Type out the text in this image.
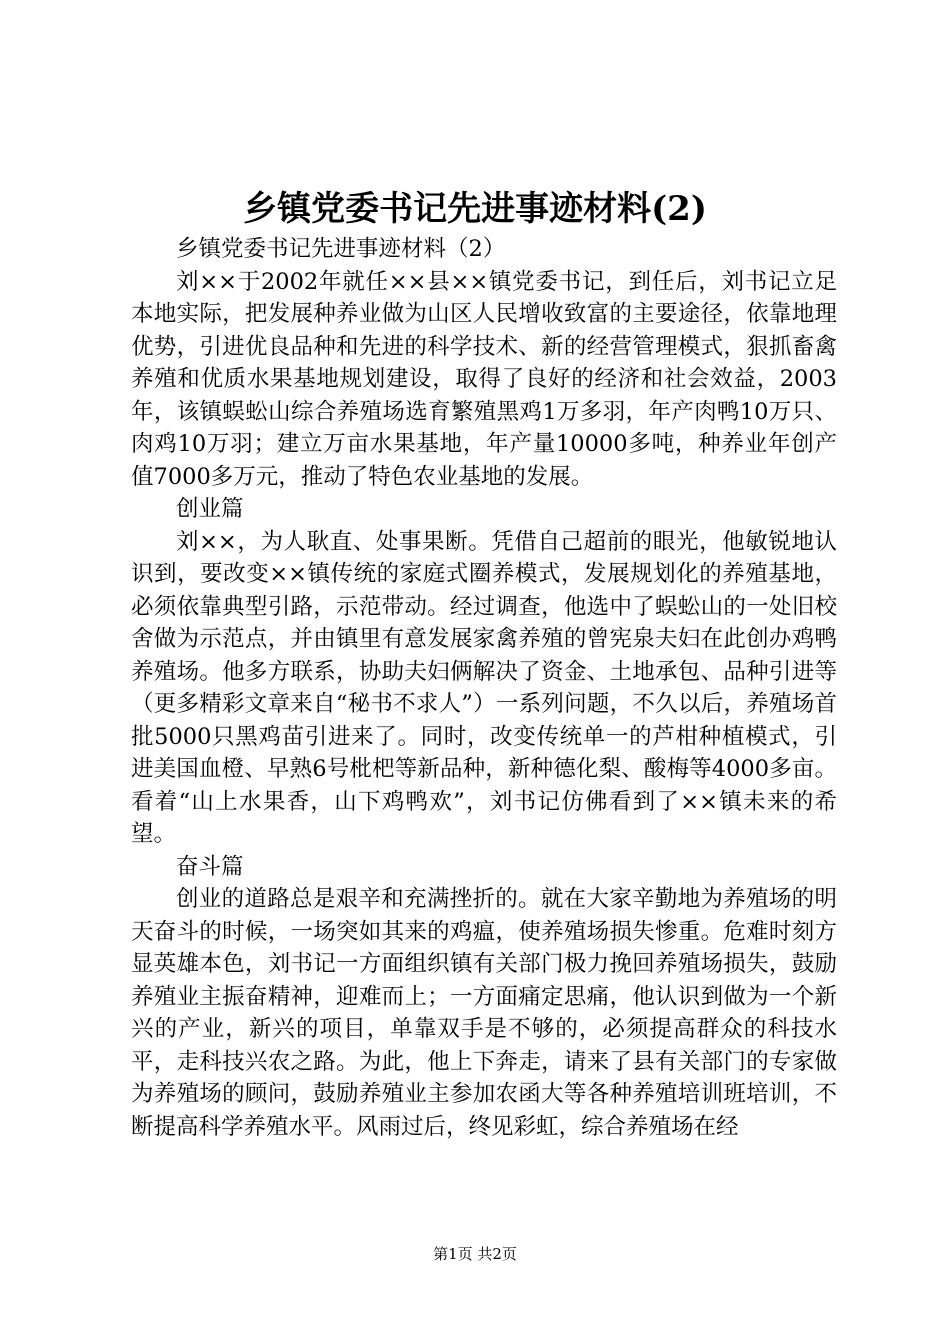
乡镇党委书记先进事迹材料(2)

乡镇党委书记先进事迹材料（2）

刘××于2002年就任××县××镇党委书记，到任后，刘书记立足本地实际，把发展种养业做为山区人民增收致富的主要途径，依靠地理优势，引进优良品种和先进的科学技术、新的经营管理模式，狠抓畜禽养殖和优质水果基地规划建设，取得了良好的经济和社会效益，2003年，该镇蜈蚣山综合养殖场选育繁殖黑鸡1万多羽，年产肉鸭10万只、肉鸡10万羽；建立万亩水果基地，年产量10000多吨，种养业年创产值7000多万元，推动了特色农业基地的发展。

创业篇

刘××，为人耿直、处事果断。凭借自己超前的眼光，他敏锐地认识到，要改变××镇传统的家庭式圈养模式，发展规划化的养殖基地，必须依靠典型引路，示范带动。经过调查，他选中了蜈蚣山的一处旧校舍做为示范点，并由镇里有意发展家禽养殖的曾宪泉夫妇在此创办鸡鸭养殖场。他多方联系，协助夫妇俩解决了资金、土地承包、品种引进等（更多精彩文章来自“秘书不求人”）一系列问题，不久以后，养殖场首批5000只黑鸡苗引进来了。同时，改变传统单一的芦柑种植模式，引进美国血橙、早熟6号枇杷等新品种，新种德化梨、酸梅等4000多亩。看着“山上水果香，山下鸡鸭欢”，刘书记仿佛看到了××镇未来的希望。

奋斗篇

创业的道路总是艰辛和充满挫折的。就在大家辛勤地为养殖场的明天奋斗的时候，一场突如其来的鸡瘟，使养殖场损失惨重。危难时刻方显英雄本色，刘书记一方面组织镇有关部门极力挽回养殖场损失，鼓励养殖业主振奋精神，迎难而上；一方面痛定思痛，他认识到做为一个新兴的产业，新兴的项目，单靠双手是不够的，必须提高群众的科技水平，走科技兴农之路。为此，他上下奔走，请来了县有关部门的专家做为养殖场的顾问，鼓励养殖业主参加农函大等各种养殖培训班培训，不断提高科学养殖水平。风雨过后，终见彩虹，综合养殖场在经

第1页 共2页
